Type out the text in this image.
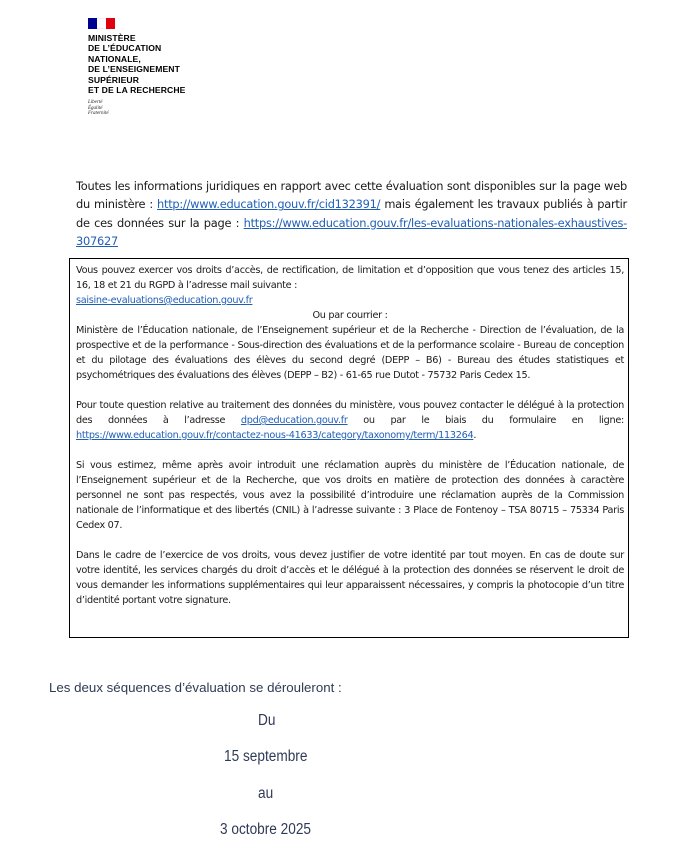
MINISTÈRE
DE L’ÉDUCATION
NATIONALE,
DE L’ENSEIGNEMENT
SUPÉRIEUR
ET DE LA RECHERCHE
Liberté
Égalité
Fraternité
Toutes les informations juridiques en rapport avec cette évaluation sont disponibles sur la page web du ministère : http://www.education.gouv.fr/cid132391/ mais également les travaux publiés à partir de ces données sur la page : https://www.education.gouv.fr/les-evaluations-nationales-exhaustives-307627

Vous pouvez exercer vos droits d’accès, de rectification, de limitation et d’opposition que vous tenez des articles 15, 16, 18 et 21 du RGPD à l’adresse mail suivante :
saisine-evaluations@education.gouv.fr

Ou par courrier :

Ministère de l’Éducation nationale, de l’Enseignement supérieur et de la Recherche - Direction de l’évaluation, de la prospective et de la performance - Sous-direction des évaluations et de la performance scolaire - Bureau de conception et du pilotage des évaluations des élèves du second degré (DEPP – B6) - Bureau des études statistiques et psychométriques des évaluations des élèves (DEPP – B2) - 61-65 rue Dutot - 75732 Paris Cedex 15.

Pour toute question relative au traitement des données du ministère, vous pouvez contacter le délégué à la protection des données à l’adresse dpd@education.gouv.fr ou par le biais du formulaire en ligne: https://www.education.gouv.fr/contactez-nous-41633/category/taxonomy/term/113264.

Si vous estimez, même après avoir introduit une réclamation auprès du ministère de l’Éducation nationale, de l’Enseignement supérieur et de la Recherche, que vos droits en matière de protection des données à caractère personnel ne sont pas respectés, vous avez la possibilité d’introduire une réclamation auprès de la Commission nationale de l’informatique et des libertés (CNIL) à l’adresse suivante : 3 Place de Fontenoy – TSA 80715 – 75334 Paris Cedex 07.

Dans le cadre de l’exercice de vos droits, vous devez justifier de votre identité par tout moyen. En cas de doute sur votre identité, les services chargés du droit d’accès et le délégué à la protection des données se réservent le droit de vous demander les informations supplémentaires qui leur apparaissent nécessaires, y compris la photocopie d’un titre d’identité portant votre signature.

Les deux séquences d’évaluation se dérouleront :
Du
15 septembre
au
3 octobre 2025
